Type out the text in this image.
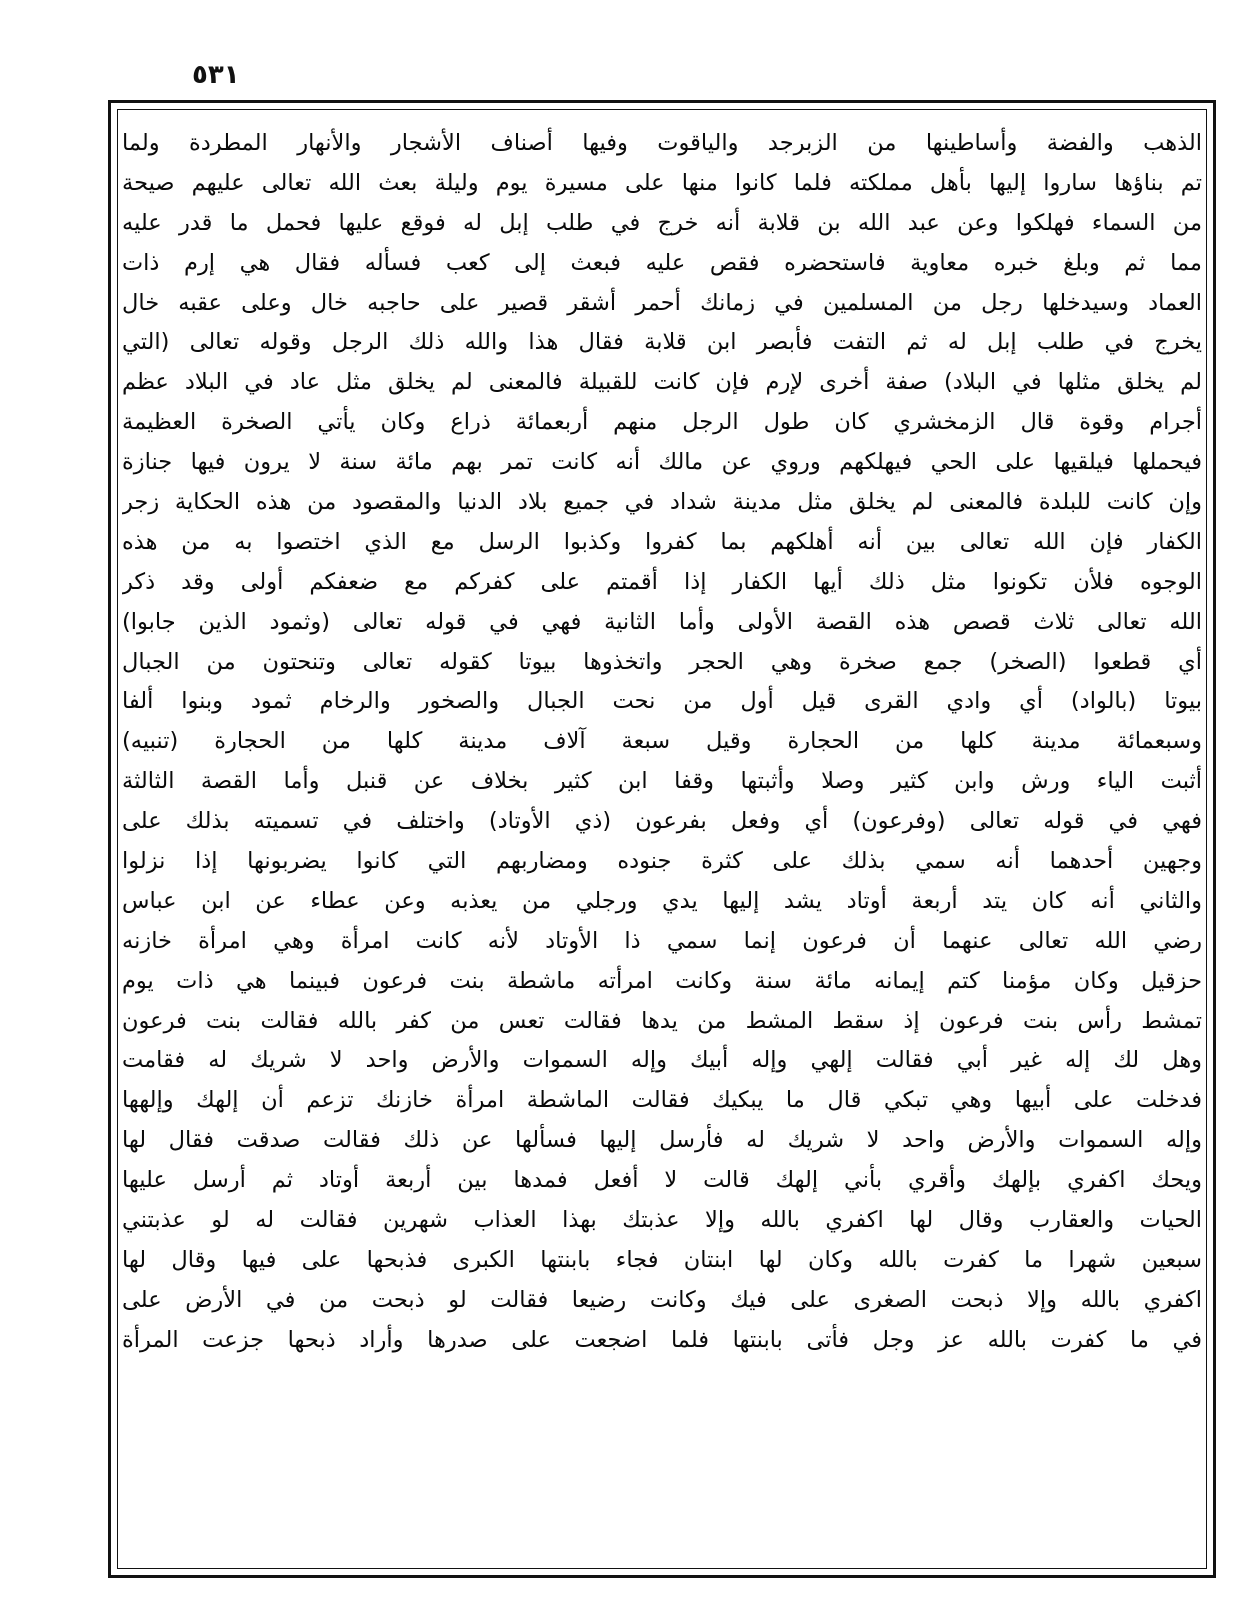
٥٣١
الذهب والفضة وأساطينها من الزبرجد والياقوت وفيها أصناف الأشجار والأنهار المطردة ولما
تم بناؤها ساروا إليها بأهل مملكته فلما كانوا منها على مسيرة يوم وليلة بعث الله تعالى عليهم صيحة
من السماء فهلكوا وعن عبد الله بن قلابة أنه خرج في طلب إبل له فوقع عليها فحمل ما قدر عليه
مما ثم وبلغ خبره معاوية فاستحضره فقص عليه فبعث إلى كعب فسأله فقال هي إرم ذات
العماد وسيدخلها رجل من المسلمين في زمانك أحمر أشقر قصير على حاجبه خال وعلى عقبه خال
يخرج في طلب إبل له ثم التفت فأبصر ابن قلابة فقال هذا والله ذلك الرجل وقوله تعالى (التي
لم يخلق مثلها في البلاد) صفة أخرى لإرم فإن كانت للقبيلة فالمعنى لم يخلق مثل عاد في البلاد عظم
أجرام وقوة قال الزمخشري كان طول الرجل منهم أربعمائة ذراع وكان يأتي الصخرة العظيمة
فيحملها فيلقيها على الحي فيهلكهم وروي عن مالك أنه كانت تمر بهم مائة سنة لا يرون فيها جنازة
وإن كانت للبلدة فالمعنى لم يخلق مثل مدينة شداد في جميع بلاد الدنيا والمقصود من هذه الحكاية زجر
الكفار فإن الله تعالى بين أنه أهلكهم بما كفروا وكذبوا الرسل مع الذي اختصوا به من هذه
الوجوه فلأن تكونوا مثل ذلك أيها الكفار إذا أقمتم على كفركم مع ضعفكم أولى وقد ذكر
الله تعالى ثلاث قصص هذه القصة الأولى وأما الثانية فهي في قوله تعالى (وثمود الذين جابوا)
أي قطعوا (الصخر) جمع صخرة وهي الحجر واتخذوها بيوتا كقوله تعالى وتنحتون من الجبال
بيوتا (بالواد) أي وادي القرى قيل أول من نحت الجبال والصخور والرخام ثمود وبنوا ألفا
وسبعمائة مدينة كلها من الحجارة وقيل سبعة آلاف مدينة كلها من الحجارة (تنبيه)
أثبت الياء ورش وابن كثير وصلا وأثبتها وقفا ابن كثير بخلاف عن قنبل وأما القصة الثالثة
فهي في قوله تعالى (وفرعون) أي وفعل بفرعون (ذي الأوتاد) واختلف في تسميته بذلك على
وجهين أحدهما أنه سمي بذلك على كثرة جنوده ومضاربهم التي كانوا يضربونها إذا نزلوا
والثاني أنه كان يتد أربعة أوتاد يشد إليها يدي ورجلي من يعذبه وعن عطاء عن ابن عباس
رضي الله تعالى عنهما أن فرعون إنما سمي ذا الأوتاد لأنه كانت امرأة وهي امرأة خازنه
حزقيل وكان مؤمنا كتم إيمانه مائة سنة وكانت امرأته ماشطة بنت فرعون فبينما هي ذات يوم
تمشط رأس بنت فرعون إذ سقط المشط من يدها فقالت تعس من كفر بالله فقالت بنت فرعون
وهل لك إله غير أبي فقالت إلهي وإله أبيك وإله السموات والأرض واحد لا شريك له فقامت
فدخلت على أبيها وهي تبكي قال ما يبكيك فقالت الماشطة امرأة خازنك تزعم أن إلهك وإلهها
وإله السموات والأرض واحد لا شريك له فأرسل إليها فسألها عن ذلك فقالت صدقت فقال لها
ويحك اكفري بإلهك وأقري بأني إلهك قالت لا أفعل فمدها بين أربعة أوتاد ثم أرسل عليها
الحيات والعقارب وقال لها اكفري بالله وإلا عذبتك بهذا العذاب شهرين فقالت له لو عذبتني
سبعين شهرا ما كفرت بالله وكان لها ابنتان فجاء بابنتها الكبرى فذبحها على فيها وقال لها
اكفري بالله وإلا ذبحت الصغرى على فيك وكانت رضيعا فقالت لو ذبحت من في الأرض على
في ما كفرت بالله عز وجل فأتى بابنتها فلما اضجعت على صدرها وأراد ذبحها جزعت المرأة
